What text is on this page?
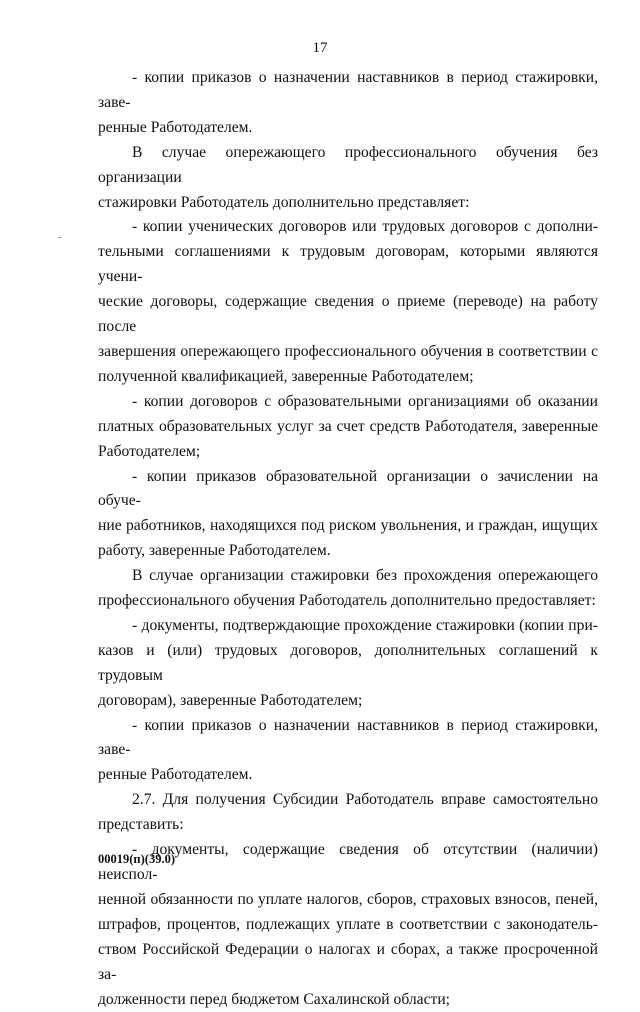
17

- копии приказов о назначении наставников в период стажировки, заве-
ренные Работодателем.

В случае опережающего профессионального обучения без организации
стажировки Работодатель дополнительно представляет:

- копии ученических договоров или трудовых договоров с дополни-
тельными соглашениями к трудовым договорам, которыми являются учени-
ческие договоры, содержащие сведения о приеме (переводе) на работу после
завершения опережающего профессионального обучения в соответствии с
полученной квалификацией, заверенные Работодателем;

- копии договоров с образовательными организациями об оказании
платных образовательных услуг за счет средств Работодателя, заверенные
Работодателем;

- копии приказов образовательной организации о зачислении на обуче-
ние работников, находящихся под риском увольнения, и граждан, ищущих
работу, заверенные Работодателем.

В случае организации стажировки без прохождения опережающего
профессионального обучения Работодатель дополнительно предоставляет:

- документы, подтверждающие прохождение стажировки (копии при-
казов и (или) трудовых договоров, дополнительных соглашений к трудовым
договорам), заверенные Работодателем;

- копии приказов о назначении наставников в период стажировки, заве-
ренные Работодателем.

2.7. Для получения Субсидии Работодатель вправе самостоятельно
представить:

- документы, содержащие сведения об отсутствии (наличии) неиспол-
ненной обязанности по уплате налогов, сборов, страховых взносов, пеней,
штрафов, процентов, подлежащих уплате в соответствии с законодатель-
ством Российской Федерации о налогах и сборах, а также просроченной за-
долженности перед бюджетом Сахалинской области;

00019(п)(39.0)
